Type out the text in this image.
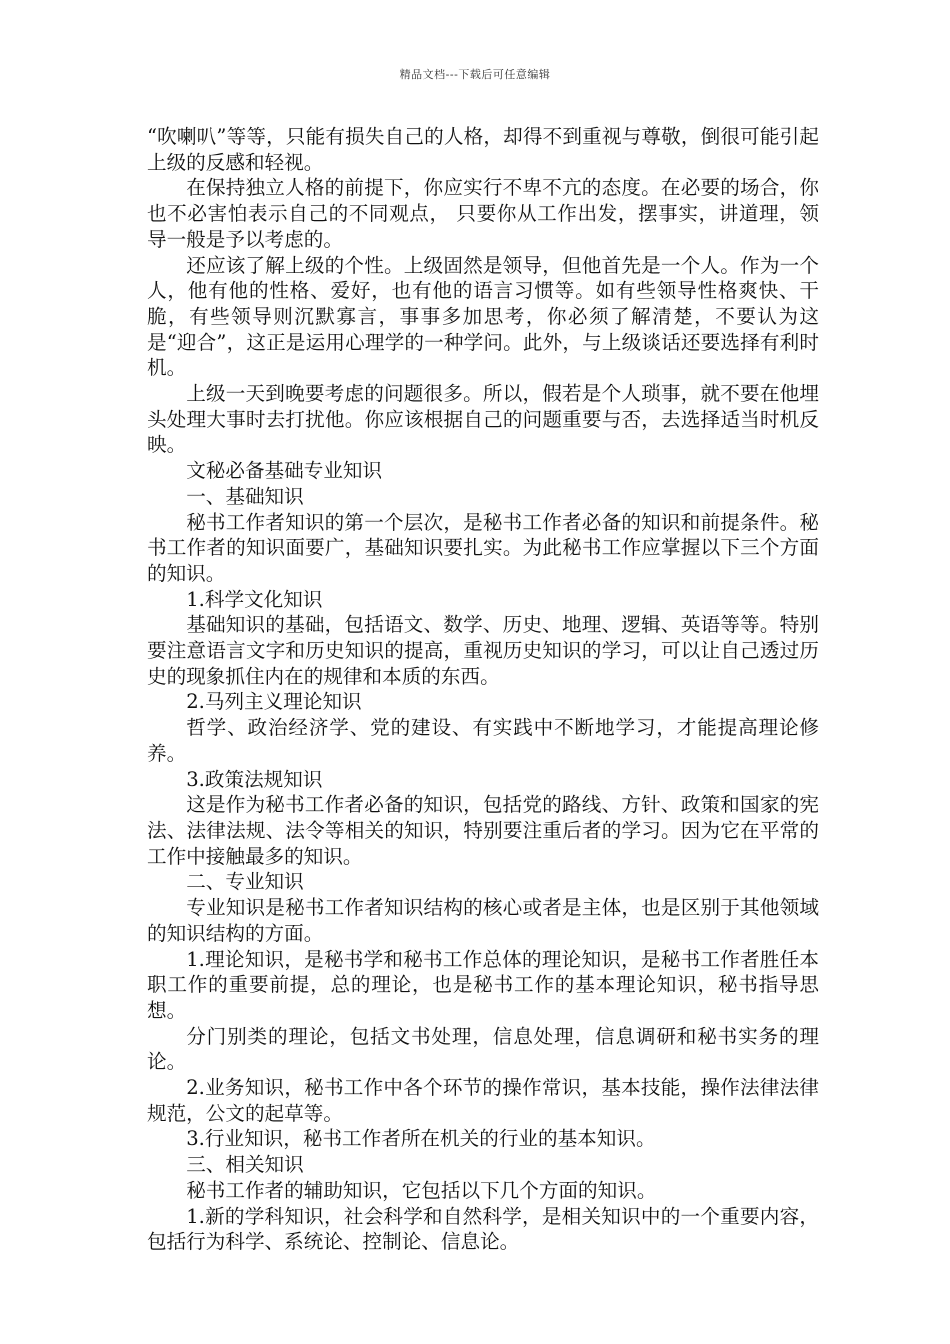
精品文档---下载后可任意编辑

“吹喇叭”等等，只能有损失自己的人格，却得不到重视与尊敬，倒很可能引起上级的反感和轻视。

在保持独立人格的前提下，你应实行不卑不亢的态度。在必要的场合，你也不必害怕表示自己的不同观点， 只要你从工作出发，摆事实，讲道理，领导一般是予以考虑的。

还应该了解上级的个性。上级固然是领导，但他首先是一个人。作为一个人，他有他的性格、爱好，也有他的语言习惯等。如有些领导性格爽快、干脆，有些领导则沉默寡言，事事多加思考，你必须了解清楚，不要认为这是“迎合”，这正是运用心理学的一种学问。此外，与上级谈话还要选择有利时机。

上级一天到晚要考虑的问题很多。所以，假若是个人琐事，就不要在他埋头处理大事时去打扰他。你应该根据自己的问题重要与否，去选择适当时机反映。

文秘必备基础专业知识

一、基础知识

秘书工作者知识的第一个层次，是秘书工作者必备的知识和前提条件。秘书工作者的知识面要广，基础知识要扎实。为此秘书工作应掌握以下三个方面的知识。

1.科学文化知识

基础知识的基础，包括语文、数学、历史、地理、逻辑、英语等等。特别要注意语言文字和历史知识的提高，重视历史知识的学习，可以让自己透过历史的现象抓住内在的规律和本质的东西。

2.马列主义理论知识

哲学、政治经济学、党的建设、有实践中不断地学习，才能提高理论修养。

3.政策法规知识

这是作为秘书工作者必备的知识，包括党的路线、方针、政策和国家的宪法、法律法规、法令等相关的知识，特别要注重后者的学习。因为它在平常的工作中接触最多的知识。

二、专业知识

专业知识是秘书工作者知识结构的核心或者是主体，也是区别于其他领域的知识结构的方面。

1.理论知识，是秘书学和秘书工作总体的理论知识，是秘书工作者胜任本职工作的重要前提，总的理论，也是秘书工作的基本理论知识，秘书指导思想。

分门别类的理论，包括文书处理，信息处理，信息调研和秘书实务的理论。

2.业务知识，秘书工作中各个环节的操作常识，基本技能，操作法律法律规范，公文的起草等。

3.行业知识，秘书工作者所在机关的行业的基本知识。

三、相关知识

秘书工作者的辅助知识，它包括以下几个方面的知识。

1.新的学科知识，社会科学和自然科学，是相关知识中的一个重要内容，包括行为科学、系统论、控制论、信息论。
